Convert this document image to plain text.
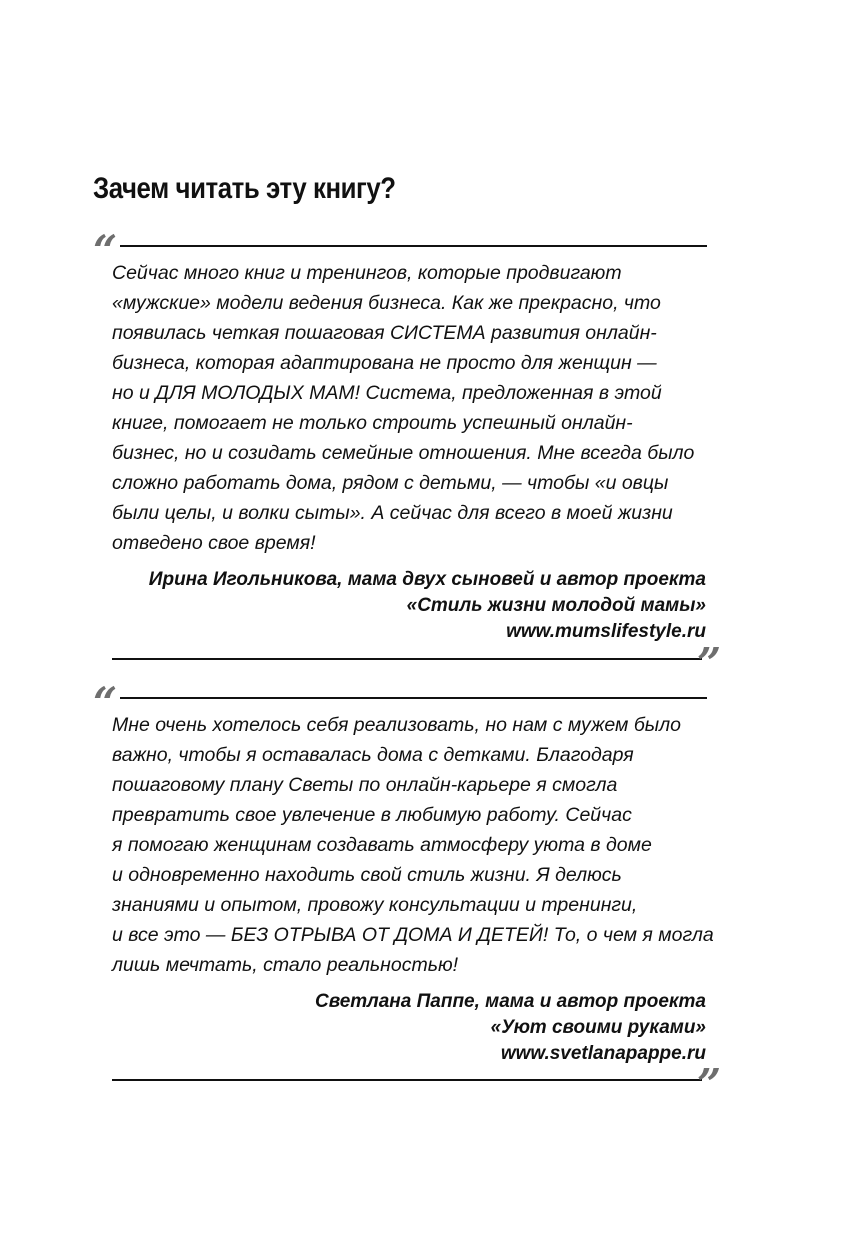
Зачем читать эту книгу?
“

Сейчас много книг и тренингов, которые продвигают
«мужские» модели ведения бизнеса. Как же прекрасно, что
появилась четкая пошаговая СИСТЕМА развития онлайн-
бизнеса, которая адаптирована не просто для женщин —
но и ДЛЯ МОЛОДЫХ МАМ! Система, предложенная в этой
книге, помогает не только строить успешный онлайн-
бизнес, но и созидать семейные отношения. Мне всегда было
сложно работать дома, рядом с детьми, — чтобы «и овцы
были целы, и волки сыты». А сейчас для всего в моей жизни
отведено свое время!

Ирина Игольникова, мама двух сыновей и автор проекта
«Стиль жизни молодой мамы»
www.mumslifestyle.ru
”
“

Мне очень хотелось себя реализовать, но нам с мужем было
важно, чтобы я оставалась дома с детками. Благодаря
пошаговому плану Светы по онлайн-карьере я смогла
превратить свое увлечение в любимую работу. Сейчас
я помогаю женщинам создавать атмосферу уюта в доме
и одновременно находить свой стиль жизни. Я делюсь
знаниями и опытом, провожу консультации и тренинги,
и все это — БЕЗ ОТРЫВА ОТ ДОМА И ДЕТЕЙ! То, о чем я могла
лишь мечтать, стало реальностью!

Светлана Паппе, мама и автор проекта
«Уют своими руками»
www.svetlanapappe.ru
”
